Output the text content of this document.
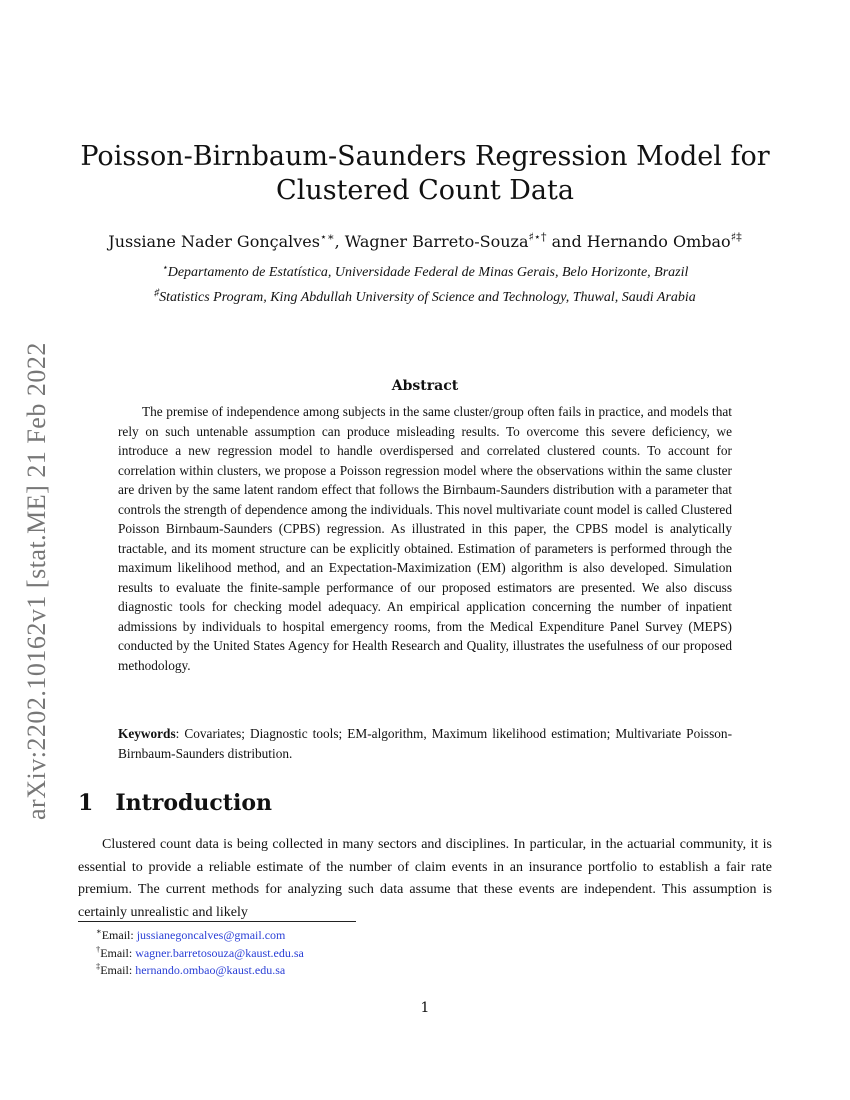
arXiv:2202.10162v1 [stat.ME] 21 Feb 2022
Poisson-Birnbaum-Saunders Regression Model for
Clustered Count Data
Jussiane Nader Gonçalves⋆∗, Wagner Barreto-Souza♯⋆† and Hernando Ombao♯‡
⋆Departamento de Estatística, Universidade Federal de Minas Gerais, Belo Horizonte, Brazil
♯Statistics Program, King Abdullah University of Science and Technology, Thuwal, Saudi Arabia
Abstract

The premise of independence among subjects in the same cluster/group often fails in practice, and models that rely on such untenable assumption can produce misleading results. To overcome this severe deficiency, we introduce a new regression model to handle overdispersed and correlated clustered counts. To account for correlation within clusters, we propose a Poisson regression model where the observations within the same cluster are driven by the same latent random effect that follows the Birnbaum-Saunders distribution with a parameter that controls the strength of dependence among the individuals. This novel multivariate count model is called Clustered Poisson Birnbaum-Saunders (CPBS) regression. As illustrated in this paper, the CPBS model is analytically tractable, and its moment structure can be explicitly obtained. Estimation of parameters is performed through the maximum likelihood method, and an Expectation-Maximization (EM) algorithm is also developed. Simulation results to evaluate the finite-sample performance of our proposed estimators are presented. We also discuss diagnostic tools for checking model adequacy. An empirical application concerning the number of inpatient admissions by individuals to hospital emergency rooms, from the Medical Expenditure Panel Survey (MEPS) conducted by the United States Agency for Health Research and Quality, illustrates the usefulness of our proposed methodology.

Keywords: Covariates; Diagnostic tools; EM-algorithm, Maximum likelihood estimation; Multivariate Poisson-Birnbaum-Saunders distribution.
1 Introduction

Clustered count data is being collected in many sectors and disciplines. In particular, in the actuarial community, it is essential to provide a reliable estimate of the number of claim events in an insurance portfolio to establish a fair rate premium. The current methods for analyzing such data assume that these events are independent. This assumption is certainly unrealistic and likely

∗Email: jussianegoncalves@gmail.com
†Email: wagner.barretosouza@kaust.edu.sa
‡Email: hernando.ombao@kaust.edu.sa
1
